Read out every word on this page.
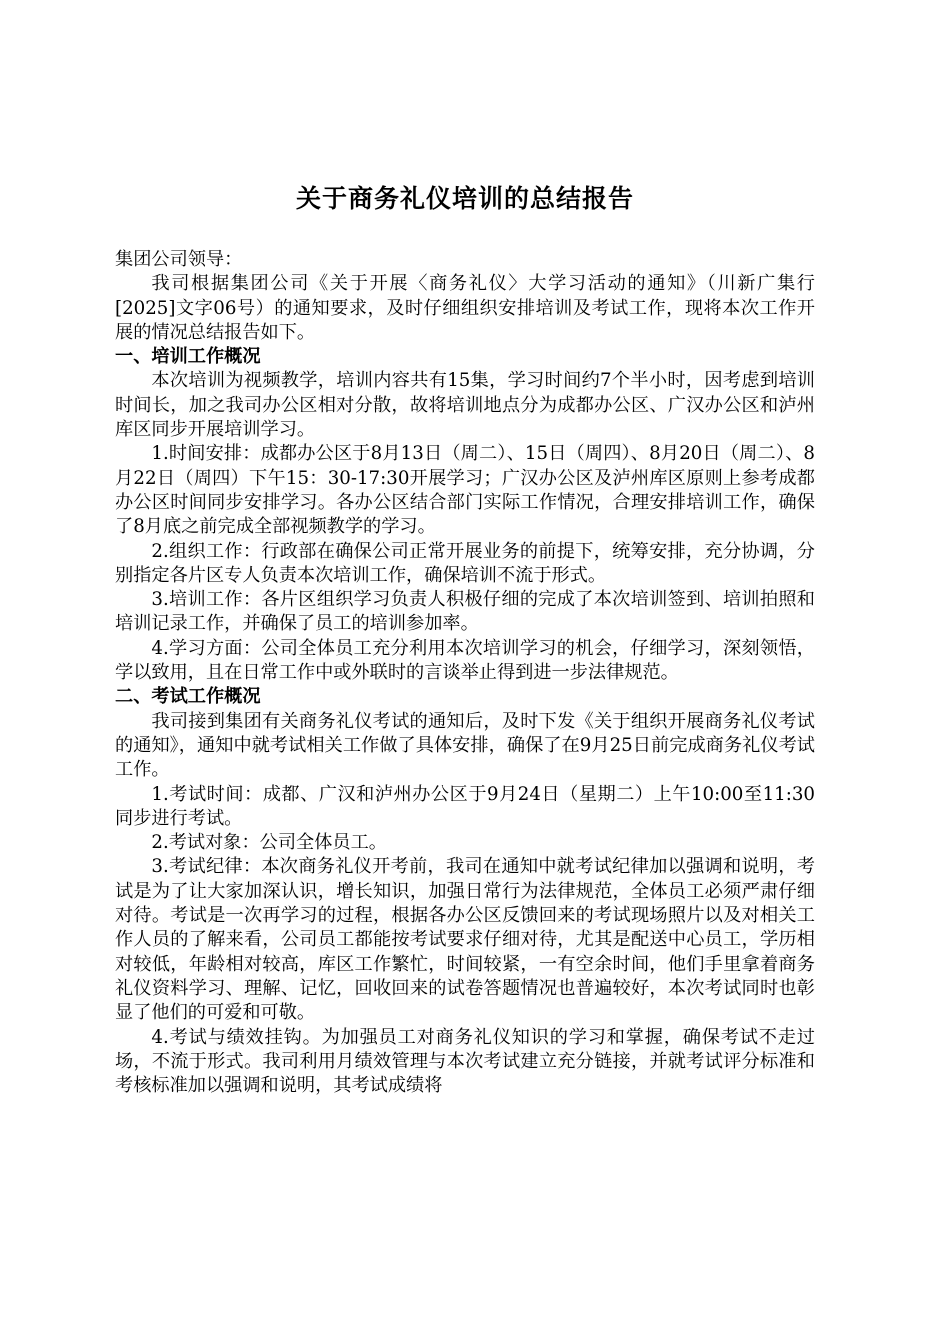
关于商务礼仪培训的总结报告

集团公司领导：

我司根据集团公司《关于开展〈商务礼仪〉大学习活动的通知》（川新广集行[2025]文字06号）的通知要求，及时仔细组织安排培训及考试工作，现将本次工作开展的情况总结报告如下。

一、培训工作概况

本次培训为视频教学，培训内容共有15集，学习时间约7个半小时，因考虑到培训时间长，加之我司办公区相对分散，故将培训地点分为成都办公区、广汉办公区和泸州库区同步开展培训学习。

1.时间安排：成都办公区于8月13日（周二）、15日（周四）、8月20日（周二）、8月22日（周四）下午15：30-17:30开展学习；广汉办公区及泸州库区原则上参考成都办公区时间同步安排学习。各办公区结合部门实际工作情况，合理安排培训工作，确保了8月底之前完成全部视频教学的学习。

2.组织工作：行政部在确保公司正常开展业务的前提下，统筹安排，充分协调，分别指定各片区专人负责本次培训工作，确保培训不流于形式。

3.培训工作：各片区组织学习负责人积极仔细的完成了本次培训签到、培训拍照和培训记录工作，并确保了员工的培训参加率。

4.学习方面：公司全体员工充分利用本次培训学习的机会，仔细学习，深刻领悟，学以致用，且在日常工作中或外联时的言谈举止得到进一步法律规范。

二、考试工作概况

我司接到集团有关商务礼仪考试的通知后，及时下发《关于组织开展商务礼仪考试的通知》，通知中就考试相关工作做了具体安排，确保了在9月25日前完成商务礼仪考试工作。

1.考试时间：成都、广汉和泸州办公区于9月24日（星期二）上午10:00至11:30同步进行考试。

2.考试对象：公司全体员工。

3.考试纪律：本次商务礼仪开考前，我司在通知中就考试纪律加以强调和说明，考试是为了让大家加深认识，增长知识，加强日常行为法律规范，全体员工必须严肃仔细对待。考试是一次再学习的过程，根据各办公区反馈回来的考试现场照片以及对相关工作人员的了解来看，公司员工都能按考试要求仔细对待，尤其是配送中心员工，学历相对较低，年龄相对较高，库区工作繁忙，时间较紧，一有空余时间，他们手里拿着商务礼仪资料学习、理解、记忆，回收回来的试卷答题情况也普遍较好，本次考试同时也彰显了他们的可爱和可敬。

4.考试与绩效挂钩。为加强员工对商务礼仪知识的学习和掌握，确保考试不走过场，不流于形式。我司利用月绩效管理与本次考试建立充分链接，并就考试评分标准和考核标准加以强调和说明，其考试成绩将
